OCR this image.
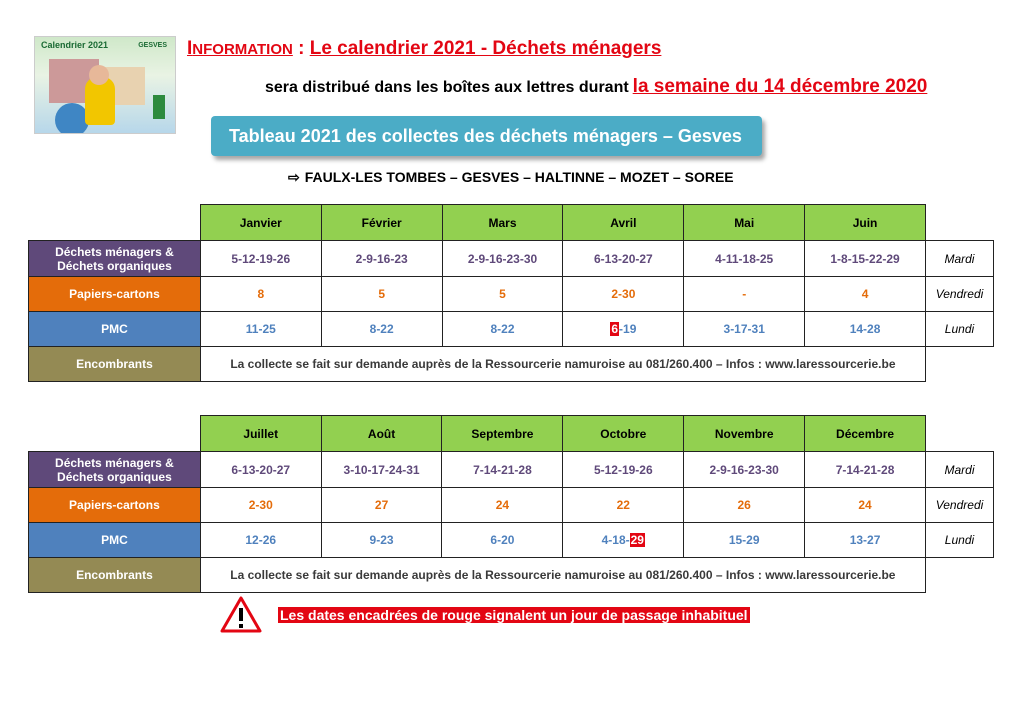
Calendrier 2021	GESVES INFORMATION : Le calendrier 2021 - Déchets ménagers
sera distribué dans les boîtes aux lettres durant la semaine du 14 décembre 2020
Tableau 2021 des collectes des déchets ménagers – Gesves
⇨ FAULX-LES TOMBES – GESVES – HALTINNE – MOZET – SOREE
	Janvier	Février	Mars	Avril	Mai	Juin	
Déchets ménagers &
Déchets organiques	5-12-19-26	2-9-16-23	2-9-16-23-30	6-13-20-27	4-11-18-25	1-8-15-22-29	Mardi
Papiers-cartons	8	5	5	2-30	-	4	Vendredi
PMC	11-25	8-22	8-22	6-19	3-17-31	14-28	Lundi
Encombrants	La collecte se fait sur demande auprès de la Ressourcerie namuroise au 081/260.400 – Infos : www.laressourcerie.be						
	Juillet	Août	Septembre	Octobre	Novembre	Décembre	
Déchets ménagers &
Déchets organiques	6-13-20-27	3-10-17-24-31	7-14-21-28	5-12-19-26	2-9-16-23-30	7-14-21-28	Mardi
Papiers-cartons	2-30	27	24	22	26	24	Vendredi
PMC	12-26	9-23	6-20	4-18-29	15-29	13-27	Lundi
Encombrants	La collecte se fait sur demande auprès de la Ressourcerie namuroise au 081/260.400 – Infos : www.laressourcerie.be						
Les dates encadrées de rouge signalent un jour de passage inhabituel
